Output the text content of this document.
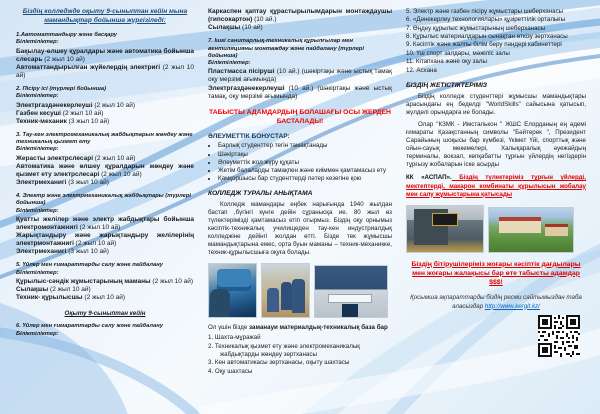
Біздің колледжде оқыту 9-сыныптан кейін мына мамандықтар бойынша жүргізіледі:
1.Автоматтандыру және басқару
Біліктіліктер:
Бақылау-өлшеу құралдары және автоматика бойынша слесарь (2 жыл 10 ай)
Автоматтандырылған жүйелердің электригі (2 жыл 10 ай)
2. Пісіру ісі (түрлері бойынша)
Біліктіліктер:
Электргаздәнекерлеуші (2 жыл 10 ай)
Газбен кесуші (2 жыл 10 ай)
Техник-механик (3 жыл 10 ай)
3. Тау-кен электромеханикалық жабдықтарын жөндеу және техникалық қызмет ету
Біліктіліктер:
Жерасты электрслесарі (2 жыл 10 ай)
Автоматика және өлшеу құралдарын жөндеу және қызмет ету электрслесарі (2 жыл 10 ай)
Электрмеханигі (3 жыл 10 ай)
4. Электр және электрмеханикалық жабдықтары (түрлері бойынша)
Біліктіліктер:
Қуатты желілер және электр жабдықтары бойынша электромонтажнигі (2 жыл 10 ай)
Жарықтандыру және жарықтандыру желілерінің электрмонтажнигі (2 жыл 10 ай)
Электрмеханигі (3 жыл 10 ай)
5. Үйлер мен ғимараттарды салу және пайдалану
Біліктіліктер:
Құрылыс-сәндік жұмыстарының маманы (2 жыл 10 ай)
Сылақшы (2 жыл 10 ай)
Техник- құрылысшы (2 жыл 10 ай)
Оқыту 9-сыныптан кейін
6. Үйлер мен ғимараттарды салу және пайдалану
Біліктіліктер:
Каркаспен қаптау құрастырылымдарын монтаждаушы (гипсокартон) (10 ай.)
Сылақшы (10 ай)
7. Ішкі санитарлық-техникалық құрылғылар мен вентиляцияны монтаждау және пайдалану (түрлері бойынша)
Біліктіліктер:
Пластмасса пісіруші (10 ай.) (шәкіртақы және ыстық тамақ оқу мерзімі ағымында)
Электргаздәнекерлеуші (10 ай.) (шәкіртақы және ыстық тамақ, оқу мерзімі ағымында)
ТАБЫСТЫ АДАМДАРДЫҢ БОЛАШАҒЫ ОСЫ ЖЕРДЕН БАСТАЛАДЫ!
ӘЛЕУМЕТТІК БОНУСТАР:
• Барлық студенттер тегін тамақтанады
• Шәкіртақы
• Әлеуметтік жол жүру құқаты
• Жетім балаларды тамақпен және киіммен қамтамасыз ету
• Қамқоршысы бар студенттерді пәтер кезегіне қою
КОЛЛЕДЖ ТУРАЛЫ АНЫҚТАМА
Колледж мамандары еңбек нарығында 1940 жылдан бастап ,бүгінгі күнге дейін сұранысқа ие. 80 жыл өз түлектерімізді қамтамасыз етіп отырмыз. Біздің оқу орнымыз кәсіптік-техникалық училищеден тау-кен индустриалдық колледжіне дейінгі жолдан өтті. Бізде тек жұмысшы мамандықтарына емес, орта буын маманы – техник-механикке, техник-құрылысшыға оқуға болады.
Ол үшін бізде заманауи материалдық-техникалық база бар
1. Шахта-мұражай
2. Техникалық қызмет ету және электромеханикалық жабдықтарды жөндеу зертханасы
3. Кен автоматикасы зертханасы, оқыту шахтасы
4. Оқу шахтасы
5. Электр және газбен пісіру жұмыстары шеберханасы
6. «Дәнекерлеу технологиялары» құзіреттілік орталығы
7. Өңдеу құрылыс жұмыстарының шеберханасы
8. Құрылыс материалдарын сынақтан өткізу зертханасы
9. Кәсіптік және жалпы білім беру пәндері кабинеттері
10. Үш спорт залдары, мәжіліс залы
11. Кітапхана және оқу залы
12. Асхана
БІЗДІҢ ЖЕТІСТІКТЕРІМІЗ
Біздің колледж студенттері жұмысшы мамандықтары арасындағы ең беделді "WorldSkills" сайысына қатысып, жүлделі орындарға ие болады.
Олар "КЗМК - Имсталькон " ЖШС Елорданың ең әдемі ғимараты Қазақстанның символы "Бәйтерек ", Президент Сарайының шоқысы бар күмбезі, Үкімет Үйі, спорттық және ойын-сауық мекемелері, Халықаралық әуежайдың терминалы, вокзал, көпқабатты тұрғын үйлердің негіздерін тұрғызу жобаларын іске асырды
КК «АСПАП». Біздің түлектеріміз тұрғын үйлерді, мектептерді, макарон комбинаты құрылысын жобалау мен салу жұмыстарына қатысады
Біздің бітірушілеріміз жоғары кәсіптік дағдылары мен жоғары жалақысы бар өте табысты адамдар $$$!
Қосымша ақпараттарды біздің ресми сайтымыздан таба аласыздар http://www.kergit.kz/
